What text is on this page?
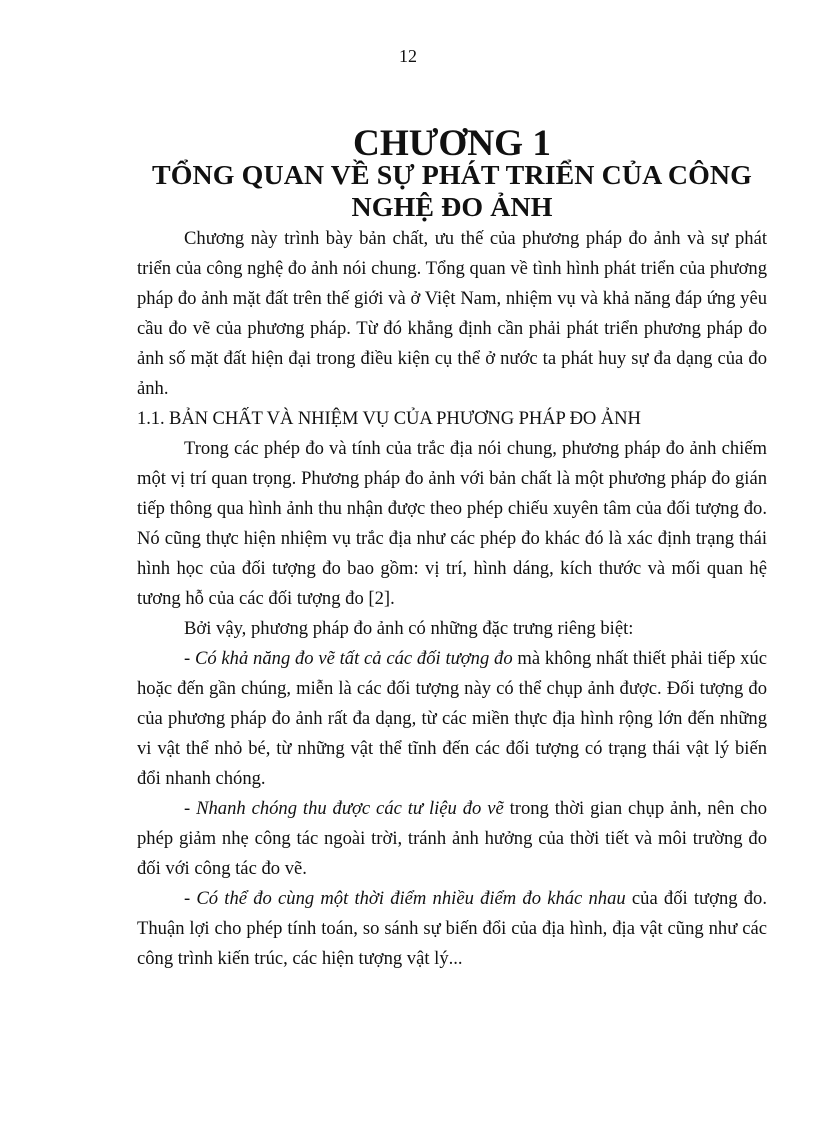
12
CHƯƠNG 1
TỔNG QUAN VỀ SỰ PHÁT TRIỂN CỦA CÔNG NGHỆ ĐO ẢNH

Chương này trình bày bản chất, ưu thế của phương pháp đo ảnh và sự phát triển của công nghệ đo ảnh nói chung. Tổng quan về tình hình phát triển của phương pháp đo ảnh mặt đất trên thế giới và ở Việt Nam, nhiệm vụ và khả năng đáp ứng yêu cầu đo vẽ của phương pháp. Từ đó khẳng định cần phải phát triển phương pháp đo ảnh số mặt đất hiện đại trong điều kiện cụ thể ở nước ta phát huy sự đa dạng của đo ảnh.

1.1. BẢN CHẤT VÀ NHIỆM VỤ CỦA PHƯƠNG PHÁP ĐO ẢNH

Trong các phép đo và tính của trắc địa nói chung, phương pháp đo ảnh chiếm một vị trí quan trọng. Phương pháp đo ảnh với bản chất là một phương pháp đo gián tiếp thông qua hình ảnh thu nhận được theo phép chiếu xuyên tâm của đối tượng đo. Nó cũng thực hiện nhiệm vụ trắc địa như các phép đo khác đó là xác định trạng thái hình học của đối tượng đo bao gồm: vị trí, hình dáng, kích thước và mối quan hệ tương hỗ của các đối tượng đo [2].

Bởi vậy, phương pháp đo ảnh có những đặc trưng riêng biệt:

- Có khả năng đo vẽ tất cả các đối tượng đo mà không nhất thiết phải tiếp xúc hoặc đến gần chúng, miễn là các đối tượng này có thể chụp ảnh được. Đối tượng đo của phương pháp đo ảnh rất đa dạng, từ các miền thực địa hình rộng lớn đến những vi vật thể nhỏ bé, từ những vật thể tĩnh đến các đối tượng có trạng thái vật lý biến đổi nhanh chóng.

- Nhanh chóng thu được các tư liệu đo vẽ trong thời gian chụp ảnh, nên cho phép giảm nhẹ công tác ngoài trời, tránh ảnh hưởng của thời tiết và môi trường đo đối với công tác đo vẽ.

- Có thể đo cùng một thời điểm nhiều điểm đo khác nhau của đối tượng đo. Thuận lợi cho phép tính toán, so sánh sự biến đổi của địa hình, địa vật cũng như các công trình kiến trúc, các hiện tượng vật lý...
